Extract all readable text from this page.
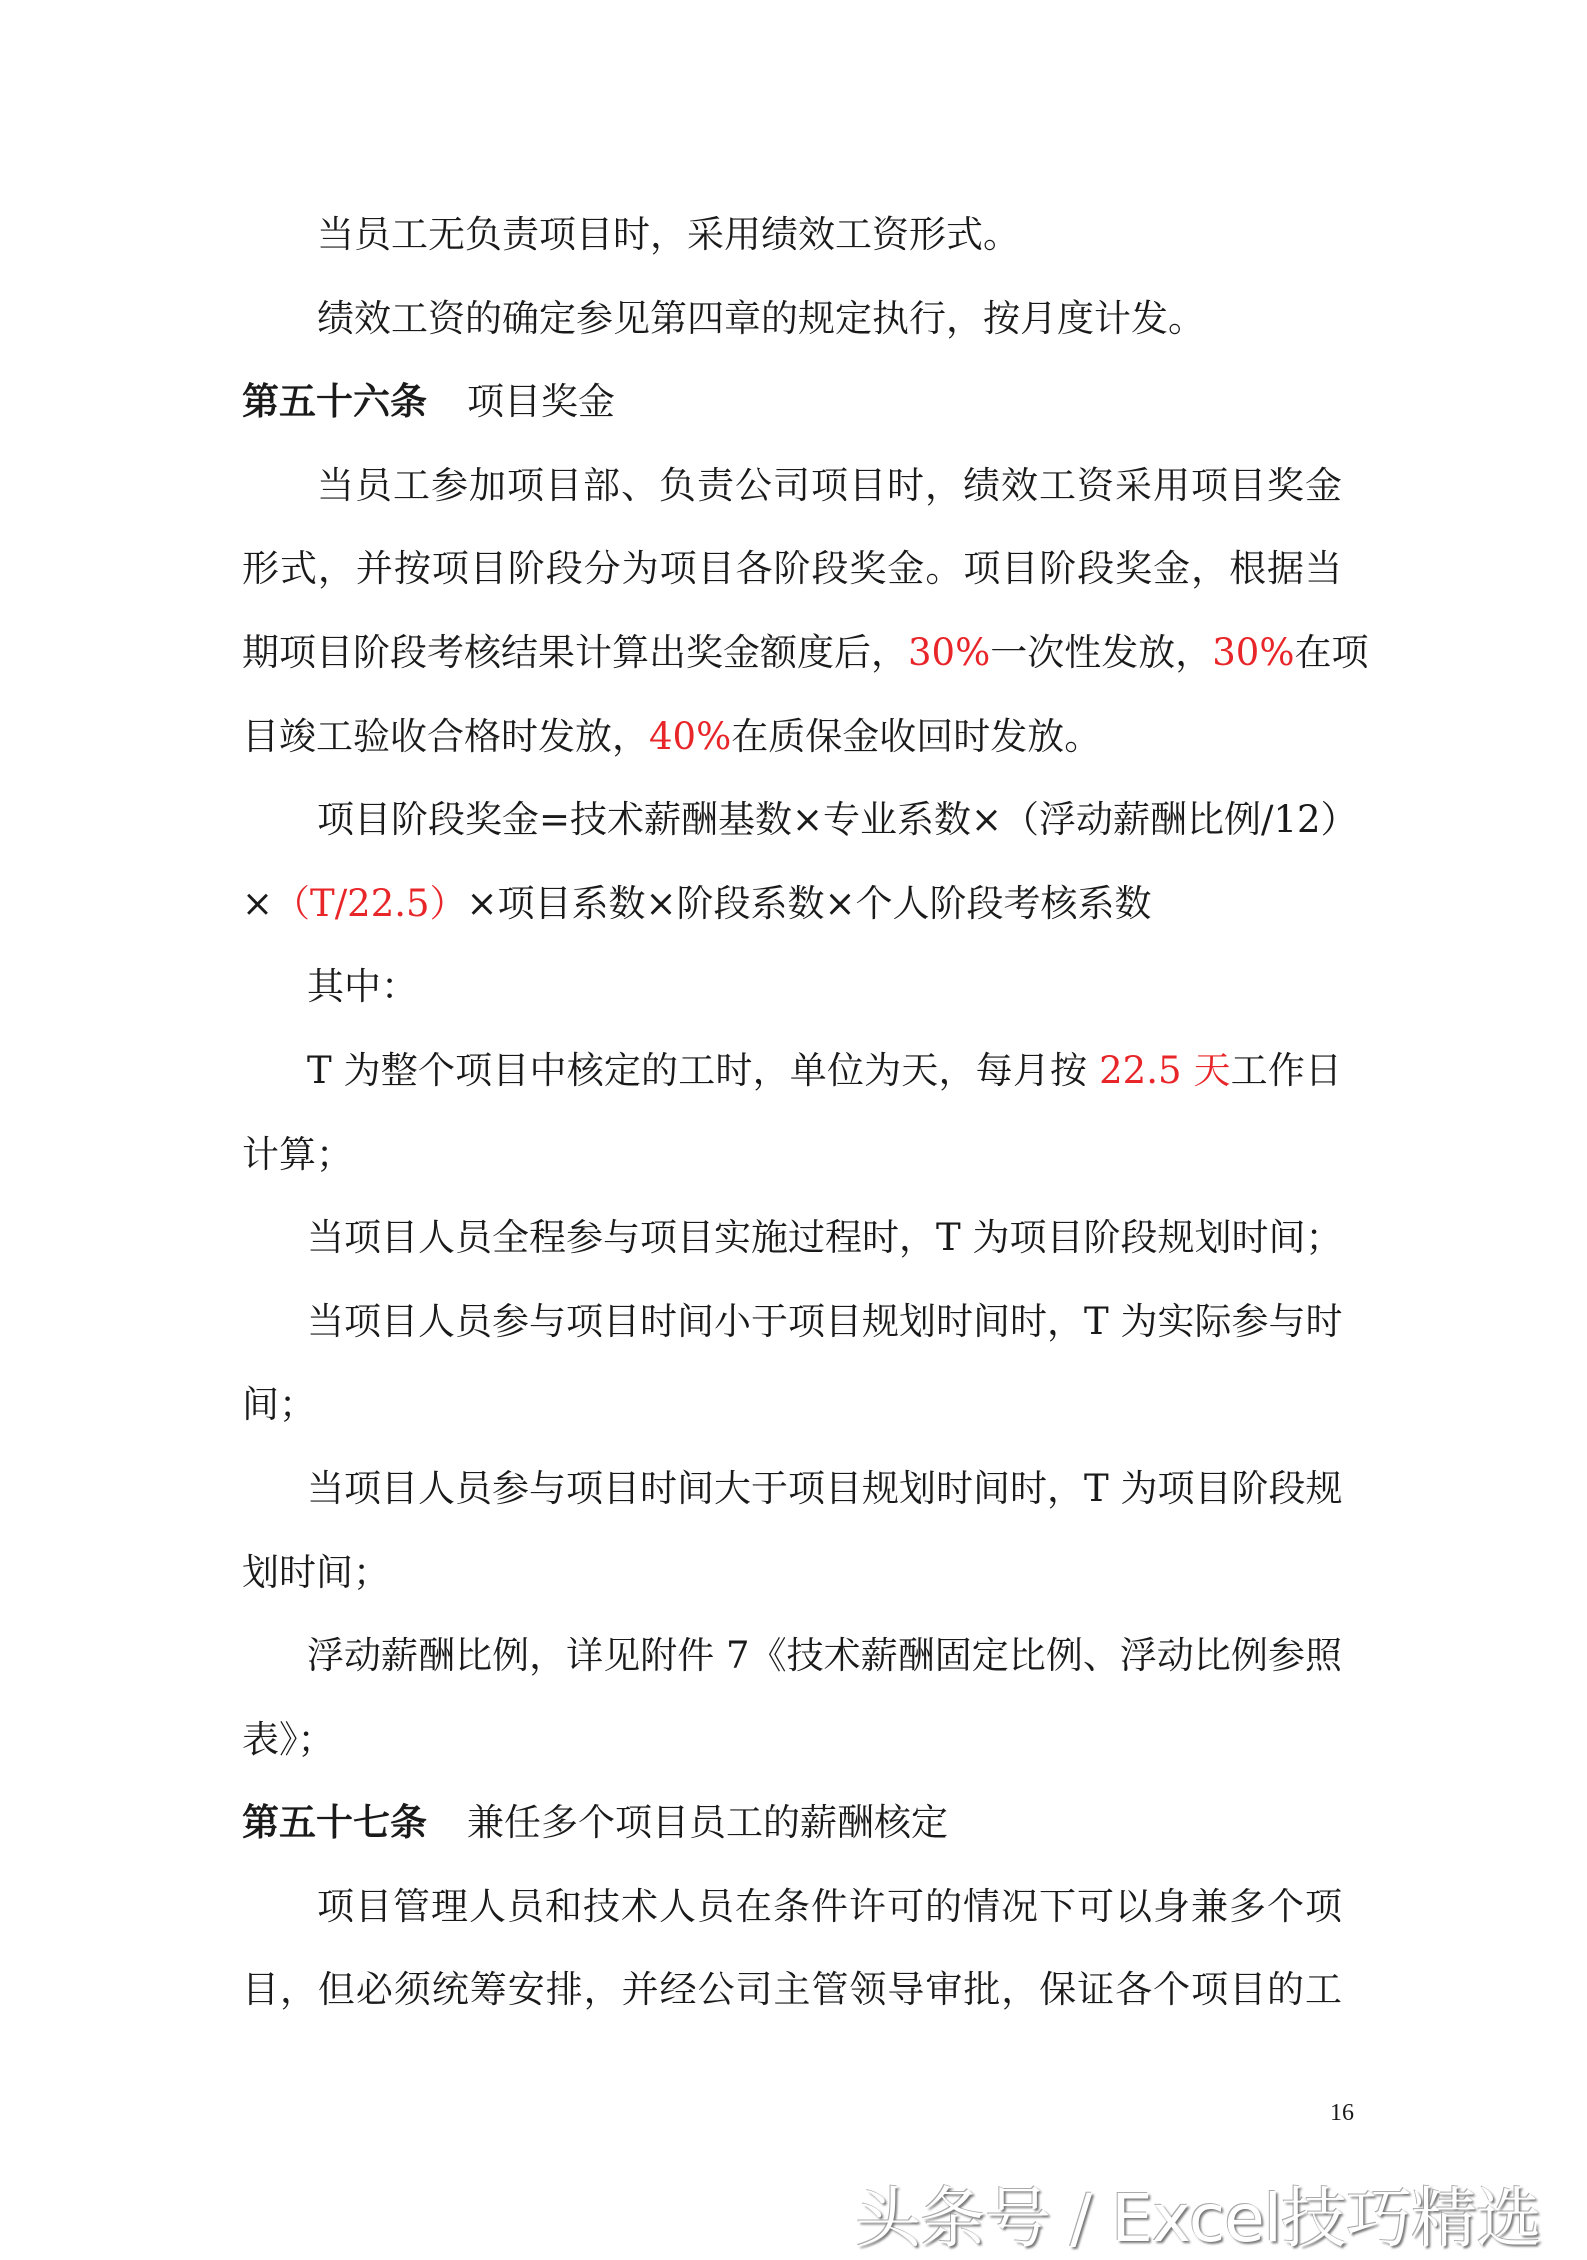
当员工无负责项目时，采用绩效工资形式。
绩效工资的确定参见第四章的规定执行，按月度计发。
第五十六条 项目奖金
当员工参加项目部、负责公司项目时，绩效工资采用项目奖金
形式，并按项目阶段分为项目各阶段奖金。项目阶段奖金，根据当
期项目阶段考核结果计算出奖金额度后，30%一次性发放，30%在项
目竣工验收合格时发放，40%在质保金收回时发放。
项目阶段奖金=技术薪酬基数×专业系数×（浮动薪酬比例/12）
×（T/22.5）×项目系数×阶段系数×个人阶段考核系数
其中：
T 为整个项目中核定的工时，单位为天，每月按 22.5 天工作日
计算；
当项目人员全程参与项目实施过程时，T 为项目阶段规划时间；
当项目人员参与项目时间小于项目规划时间时，T 为实际参与时
间；
当项目人员参与项目时间大于项目规划时间时，T 为项目阶段规
划时间；
浮动薪酬比例，详见附件 7《技术薪酬固定比例、浮动比例参照
表》；
第五十七条 兼任多个项目员工的薪酬核定
项目管理人员和技术人员在条件许可的情况下可以身兼多个项
目，但必须统筹安排，并经公司主管领导审批，保证各个项目的工
16
头条号 / Excel技巧精选
